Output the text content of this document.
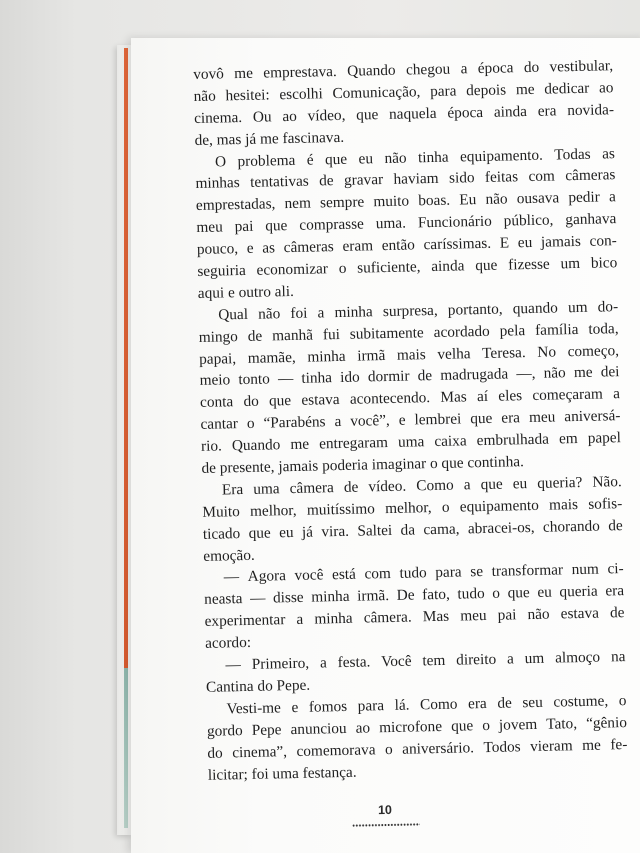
vovô me emprestava. Quando chegou a época do vestibular,
não hesitei: escolhi Comunicação, para depois me dedicar ao
cinema. Ou ao vídeo, que naquela época ainda era novida-
de, mas já me fascinava.
O problema é que eu não tinha equipamento. Todas as
minhas tentativas de gravar haviam sido feitas com câmeras
emprestadas, nem sempre muito boas. Eu não ousava pedir a
meu pai que comprasse uma. Funcionário público, ganhava
pouco, e as câmeras eram então caríssimas. E eu jamais con-
seguiria economizar o suficiente, ainda que fizesse um bico
aqui e outro ali.
Qual não foi a minha surpresa, portanto, quando um do-
mingo de manhã fui subitamente acordado pela família toda,
papai, mamãe, minha irmã mais velha Teresa. No começo,
meio tonto — tinha ido dormir de madrugada —, não me dei
conta do que estava acontecendo. Mas aí eles começaram a
cantar o “Parabéns a você”, e lembrei que era meu aniversá-
rio. Quando me entregaram uma caixa embrulhada em papel
de presente, jamais poderia imaginar o que continha.
Era uma câmera de vídeo. Como a que eu queria? Não.
Muito melhor, muitíssimo melhor, o equipamento mais sofis-
ticado que eu já vira. Saltei da cama, abracei-os, chorando de
emoção.
— Agora você está com tudo para se transformar num ci-
neasta — disse minha irmã. De fato, tudo o que eu queria era
experimentar a minha câmera. Mas meu pai não estava de
acordo:
— Primeiro, a festa. Você tem direito a um almoço na
Cantina do Pepe.
Vesti-me e fomos para lá. Como era de seu costume, o
gordo Pepe anunciou ao microfone que o jovem Tato, “gênio
do cinema”, comemorava o aniversário. Todos vieram me fe-
licitar; foi uma festança.
10
